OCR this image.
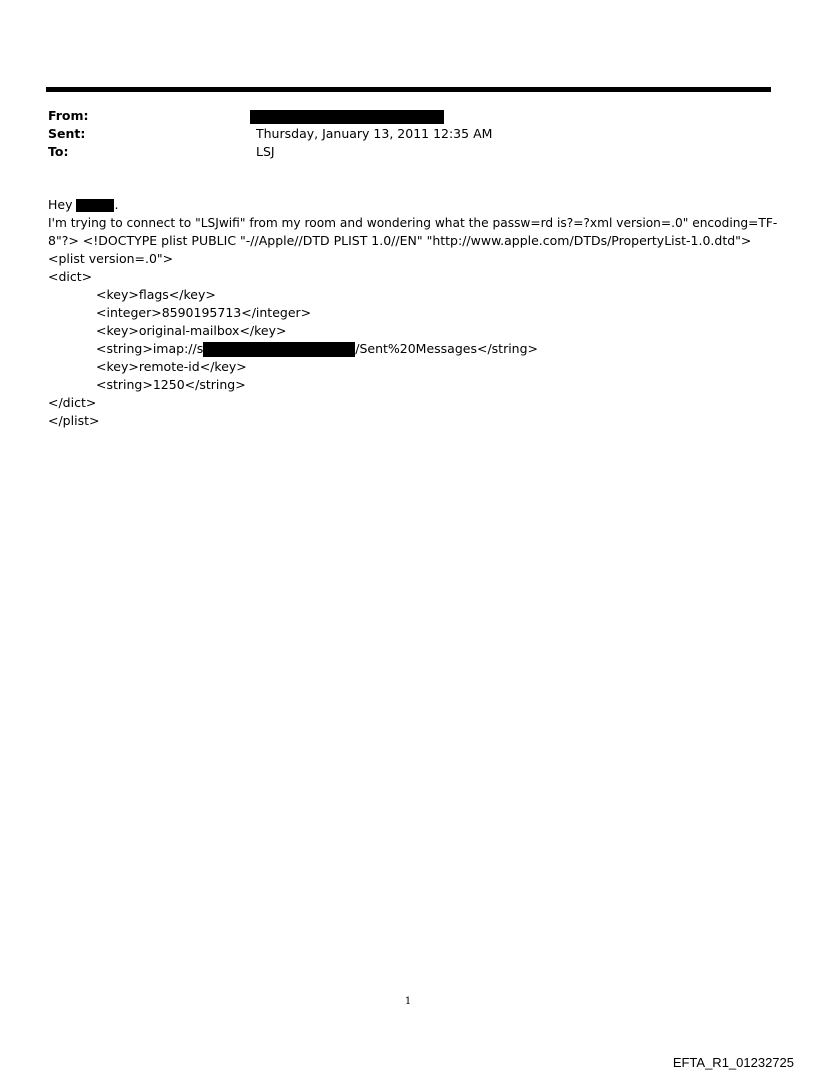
From:
Sent:	Thursday, January 13, 2011 12:35 AM
To:	LSJ
Hey	.
I'm trying to connect to "LSJwifi" from my room and wondering what the passw=rd is?=?xml version=.0" encoding=TF-
8"?> <!DOCTYPE plist PUBLIC "-//Apple//DTD PLIST 1.0//EN" "http://www.apple.com/DTDs/PropertyList-1.0.dtd">
<plist version=.0">
<dict>
<key>flags</key>
<integer>8590195713</integer>
<key>original-mailbox</key>
<string>imap://s	/Sent%20Messages</string>
<key>remote-id</key>
<string>1250</string>
</dict>
</plist>
1
EFTA_R1_01232725
